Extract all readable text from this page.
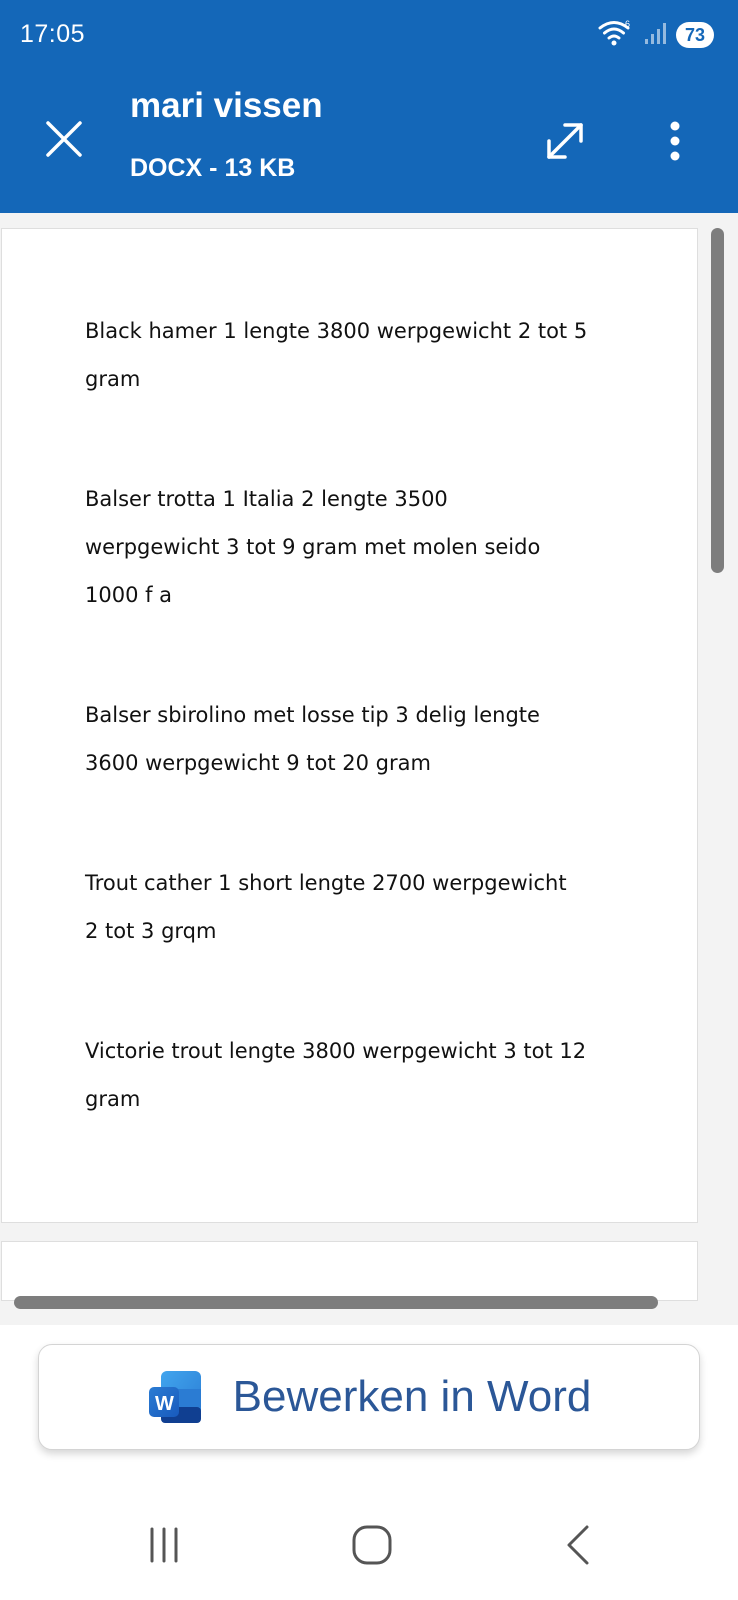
17:05	6
73
mari vissen
DOCX - 13 KB
Black hamer 1 lengte 3800 werpgewicht 2 tot 5
gram
Balser trotta 1 Italia 2 lengte 3500
werpgewicht 3 tot 9 gram met molen seido
1000 f a
Balser sbirolino met losse tip 3 delig lengte
3600 werpgewicht 9 tot 20 gram
Trout cather 1 short lengte 2700 werpgewicht
2 tot 3 grqm
Victorie trout lengte 3800 werpgewicht 3 tot 12
gram
W Bewerken in Word
